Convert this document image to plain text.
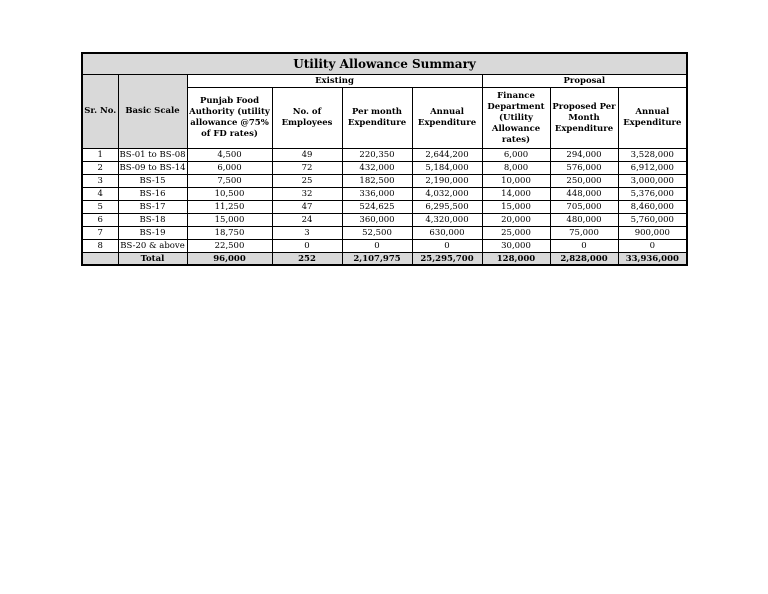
Utility Allowance Summary								

Sr. No.	Basic Scale	Existing				Proposal		
		Punjab Food Authority (utility allowance @75% of FD rates)	No. of Employees	Per month Expenditure	Annual Expenditure	Finance Department (Utility Allowance rates)	Proposed Per Month Expenditure	Annual Expenditure
1	BS-01 to BS-08	4,500	49	220,350	2,644,200	6,000	294,000	3,528,000
2	BS-09 to BS-14	6,000	72	432,000	5,184,000	8,000	576,000	6,912,000
3	BS-15	7,500	25	182,500	2,190,000	10,000	250,000	3,000,000
4	BS-16	10,500	32	336,000	4,032,000	14,000	448,000	5,376,000
5	BS-17	11,250	47	524,625	6,295,500	15,000	705,000	8,460,000
6	BS-18	15,000	24	360,000	4,320,000	20,000	480,000	5,760,000
7	BS-19	18,750	3	52,500	630,000	25,000	75,000	900,000
8	BS-20 & above	22,500	0	0	0	30,000	0	0
	Total	96,000	252	2,107,975	25,295,700	128,000	2,828,000	33,936,000
